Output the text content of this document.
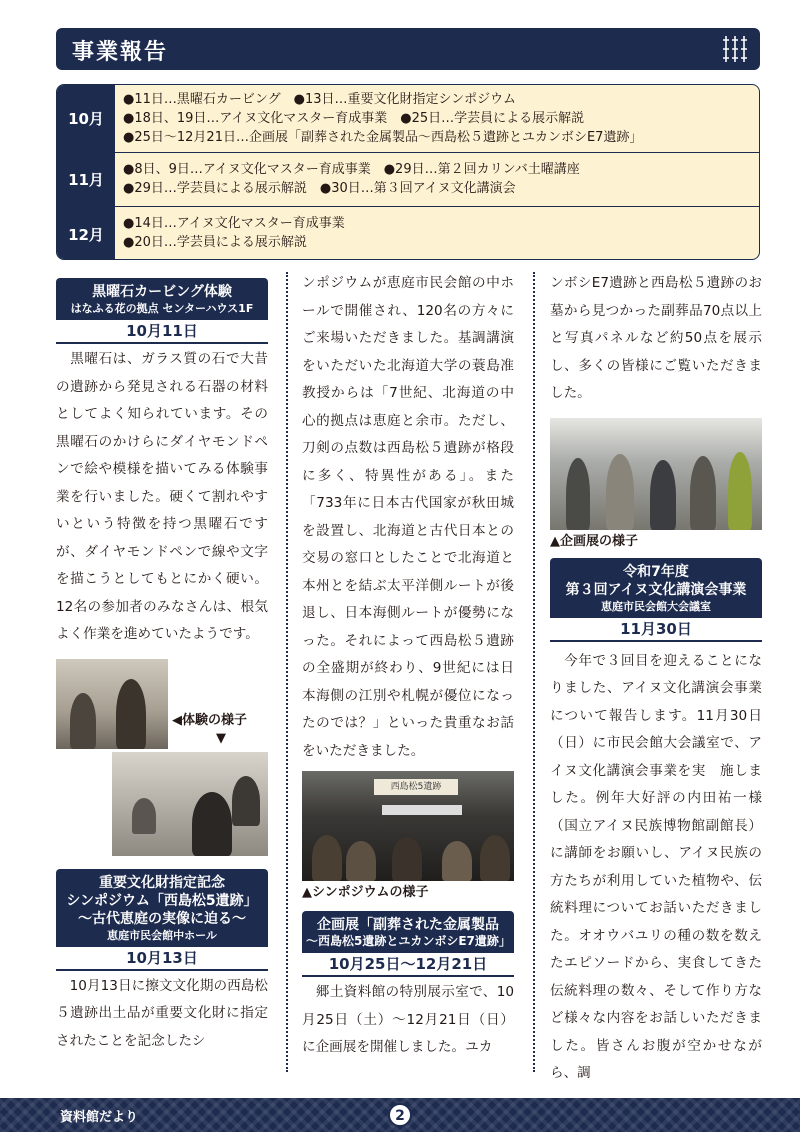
事業報告
10月
●11日…黒曜石カービング　●13日…重要文化財指定シンポジウム
●18日、19日…アイヌ文化マスター育成事業　●25日…学芸員による展示解説
●25日～12月21日…企画展「副葬された金属製品～西島松５遺跡とユカンボシE7遺跡」
11月
●8日、9日…アイヌ文化マスター育成事業　●29日…第２回カリンバ土曜講座
●29日…学芸員による展示解説　●30日…第３回アイヌ文化講演会
12月
●14日…アイヌ文化マスター育成事業
●20日…学芸員による展示解説
黒曜石カービング体験
はなふる花の拠点 センターハウス1F
10月11日
　黒曜石は、ガラス質の石で大昔の遺跡から発見される石器の材料としてよく知られています。その黒曜石のかけらにダイヤモンドペンで絵や模様を描いてみる体験事業を行いました。硬くて割れやすいという特徴を持つ黒曜石ですが、ダイヤモンドペンで線や文字を描こうとしてもとにかく硬い。12名の参加者のみなさんは、根気よく作業を進めていたようです。
◀体験の様子
▼
重要文化財指定記念
シンポジウム「西島松5遺跡」
～古代恵庭の実像に迫る～
恵庭市民会館中ホール
10月13日
　10月13日に擦文文化期の西島松５遺跡出土品が重要文化財に指定されたことを記念したシ
ンポジウムが恵庭市民会館の中ホールで開催され、120名の方々にご来場いただきました。基調講演をいただいた北海道大学の蓑島准教授からは「7世紀、北海道の中心的拠点は恵庭と余市。ただし、刀剣の点数は西島松５遺跡が格段に多く、特異性がある」。また「733年に日本古代国家が秋田城を設置し、北海道と古代日本との交易の窓口としたことで北海道と本州とを結ぶ太平洋側ルートが後退し、日本海側ルートが優勢になった。それによって西島松５遺跡の全盛期が終わり、9世紀には日本海側の江別や札幌が優位になったのでは？」といった貴重なお話をいただきました。
西島松5遺跡
▲シンポジウムの様子
企画展「副葬された金属製品
～西島松5遺跡とユカンボシE7遺跡」
10月25日～12月21日
　郷土資料館の特別展示室で、10月25日（土）～12月21日（日）に企画展を開催しました。ユカ
ンボシE7遺跡と西島松５遺跡のお墓から見つかった副葬品70点以上と写真パネルなど約50点を展示し、多くの皆様にご覧いただきました。
▲企画展の様子
令和7年度
第３回アイヌ文化講演会事業
恵庭市民会館大会議室
11月30日
　今年で３回目を迎えることになりました、アイヌ文化講演会事業について報告します。11月30日（日）に市民会館大会議室で、アイヌ文化講演会事業を実　施しました。例年大好評の内田祐一様（国立アイヌ民族博物館副館長）に講師をお願いし、アイヌ民族の方たちが利用していた植物や、伝統料理についてお話いただきました。オオウバユリの種の数を数えたエピソードから、実食してきた伝統料理の数々、そして作り方など様々な内容をお話しいただきました。皆さんお腹が空かせながら、調
資料館だより	2
